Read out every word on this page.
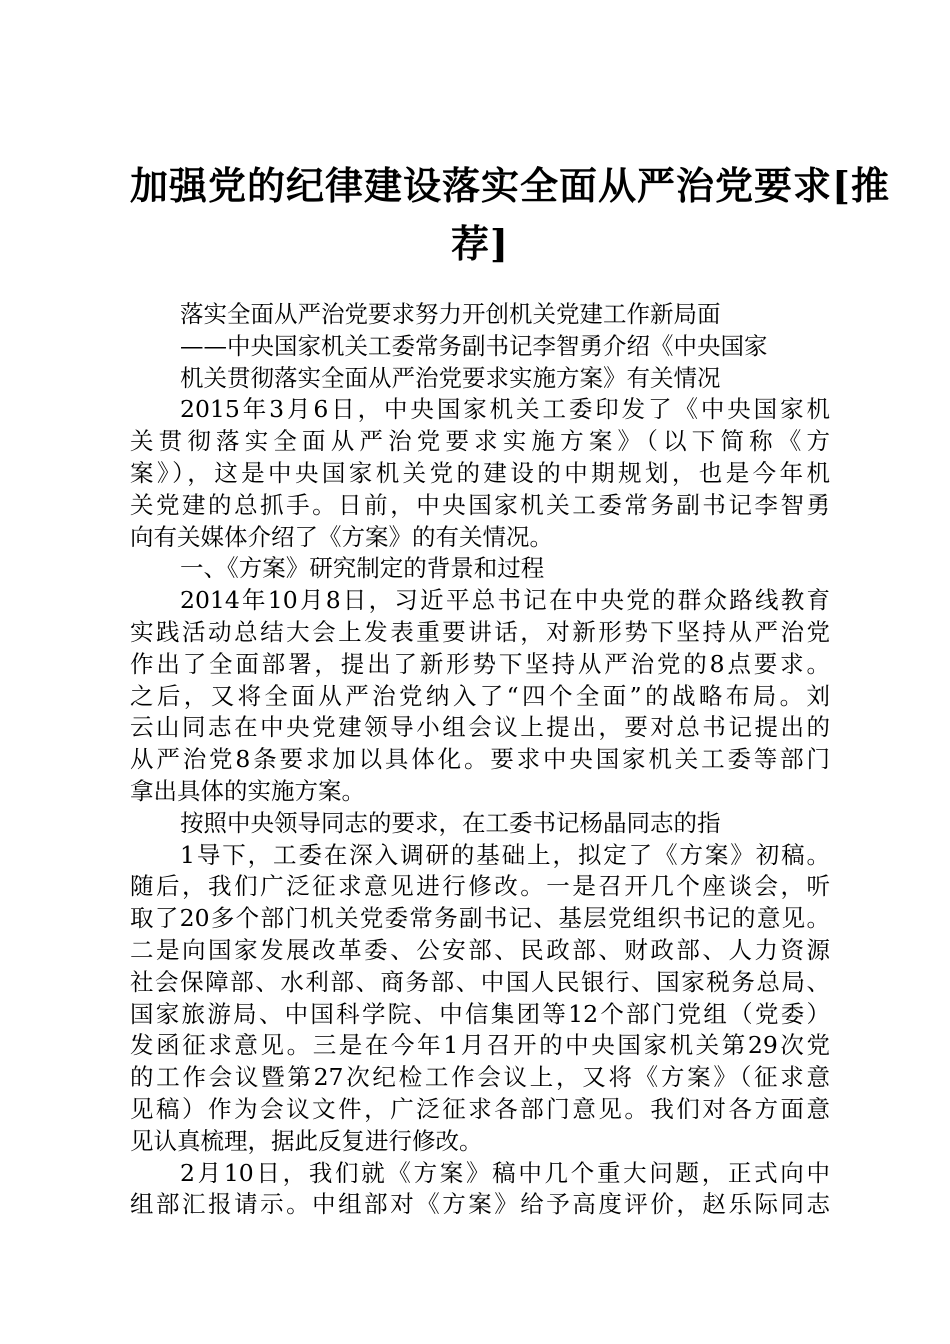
加强党的纪律建设落实全面从严治党要求[推
荐]
落实全面从严治党要求努力开创机关党建工作新局面
——中央国家机关工委常务副书记李智勇介绍《中央国家
机关贯彻落实全面从严治党要求实施方案》有关情况
2015年3月6日，中央国家机关工委印发了《中央国家机
关贯彻落实全面从严治党要求实施方案》（以下简称《方
案》），这是中央国家机关党的建设的中期规划，也是今年机
关党建的总抓手。日前，中央国家机关工委常务副书记李智勇
向有关媒体介绍了《方案》的有关情况。
一、《方案》研究制定的背景和过程
2014年10月8日，习近平总书记在中央党的群众路线教育
实践活动总结大会上发表重要讲话，对新形势下坚持从严治党
作出了全面部署，提出了新形势下坚持从严治党的8点要求。
之后，又将全面从严治党纳入了“四个全面”的战略布局。刘
云山同志在中央党建领导小组会议上提出，要对总书记提出的
从严治党8条要求加以具体化。要求中央国家机关工委等部门
拿出具体的实施方案。
按照中央领导同志的要求，在工委书记杨晶同志的指
1导下，工委在深入调研的基础上，拟定了《方案》初稿。
随后，我们广泛征求意见进行修改。一是召开几个座谈会，听
取了20多个部门机关党委常务副书记、基层党组织书记的意见。
二是向国家发展改革委、公安部、民政部、财政部、人力资源
社会保障部、水利部、商务部、中国人民银行、国家税务总局、
国家旅游局、中国科学院、中信集团等12个部门党组（党委）
发函征求意见。三是在今年1月召开的中央国家机关第29次党
的工作会议暨第27次纪检工作会议上，又将《方案》（征求意
见稿）作为会议文件，广泛征求各部门意见。我们对各方面意
见认真梳理，据此反复进行修改。
2月10日，我们就《方案》稿中几个重大问题，正式向中
组部汇报请示。中组部对《方案》给予高度评价，赵乐际同志
